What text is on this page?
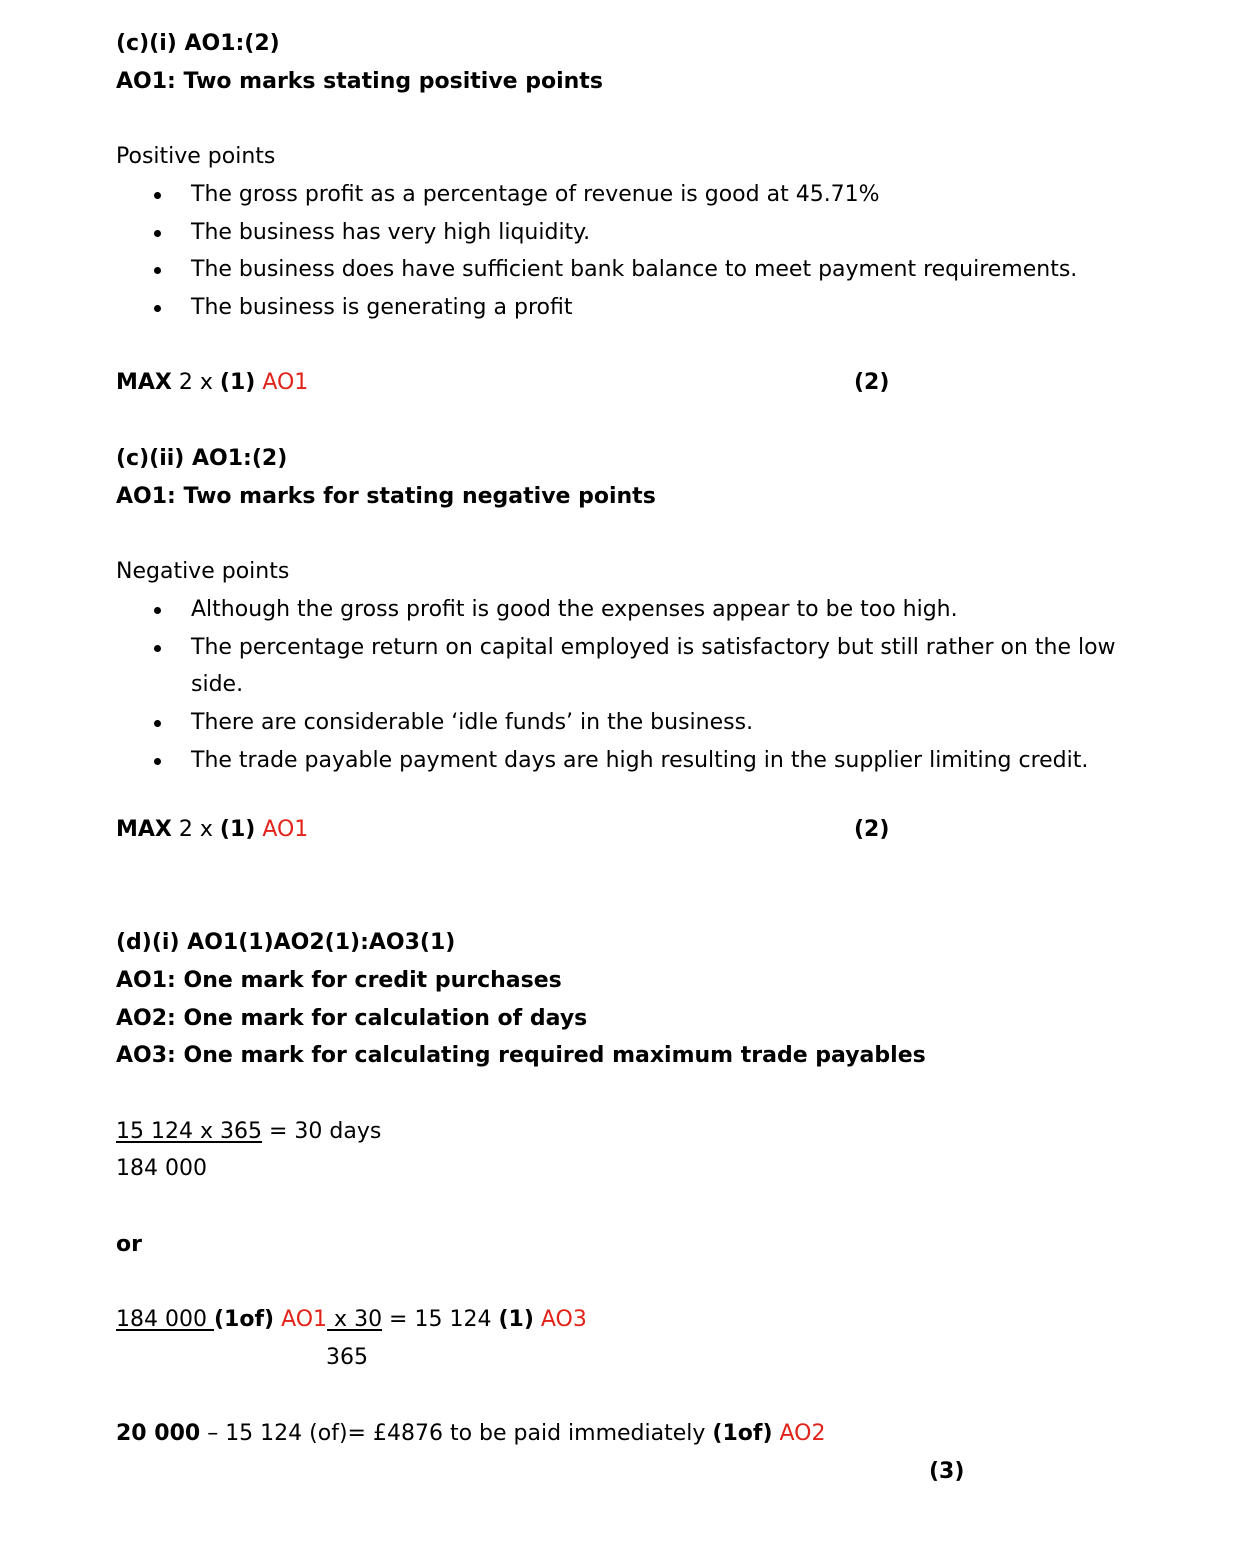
(c)(i) AO1:(2)
AO1: Two marks stating positive points
Positive points
The gross profit as a percentage of revenue is good at 45.71%
The business has very high liquidity.
The business does have sufficient bank balance to meet payment requirements.
The business is generating a profit
MAX 2 x (1) AO1	(2)
(c)(ii) AO1:(2)
AO1: Two marks for stating negative points
Negative points
Although the gross profit is good the expenses appear to be too high.
The percentage return on capital employed is satisfactory but still rather on the low
side.
There are considerable ‘idle funds’ in the business.
The trade payable payment days are high resulting in the supplier limiting credit.
MAX 2 x (1) AO1	(2)
(d)(i) AO1(1)AO2(1):AO3(1)
AO1: One mark for credit purchases
AO2: One mark for calculation of days
AO3: One mark for calculating required maximum trade payables
15 124 x 365 = 30 days
184 000
or
184 000 (1of) AO1 x 30 = 15 124 (1) AO3
365
20 000 – 15 124 (of)= £4876 to be paid immediately (1of) AO2
(3)
